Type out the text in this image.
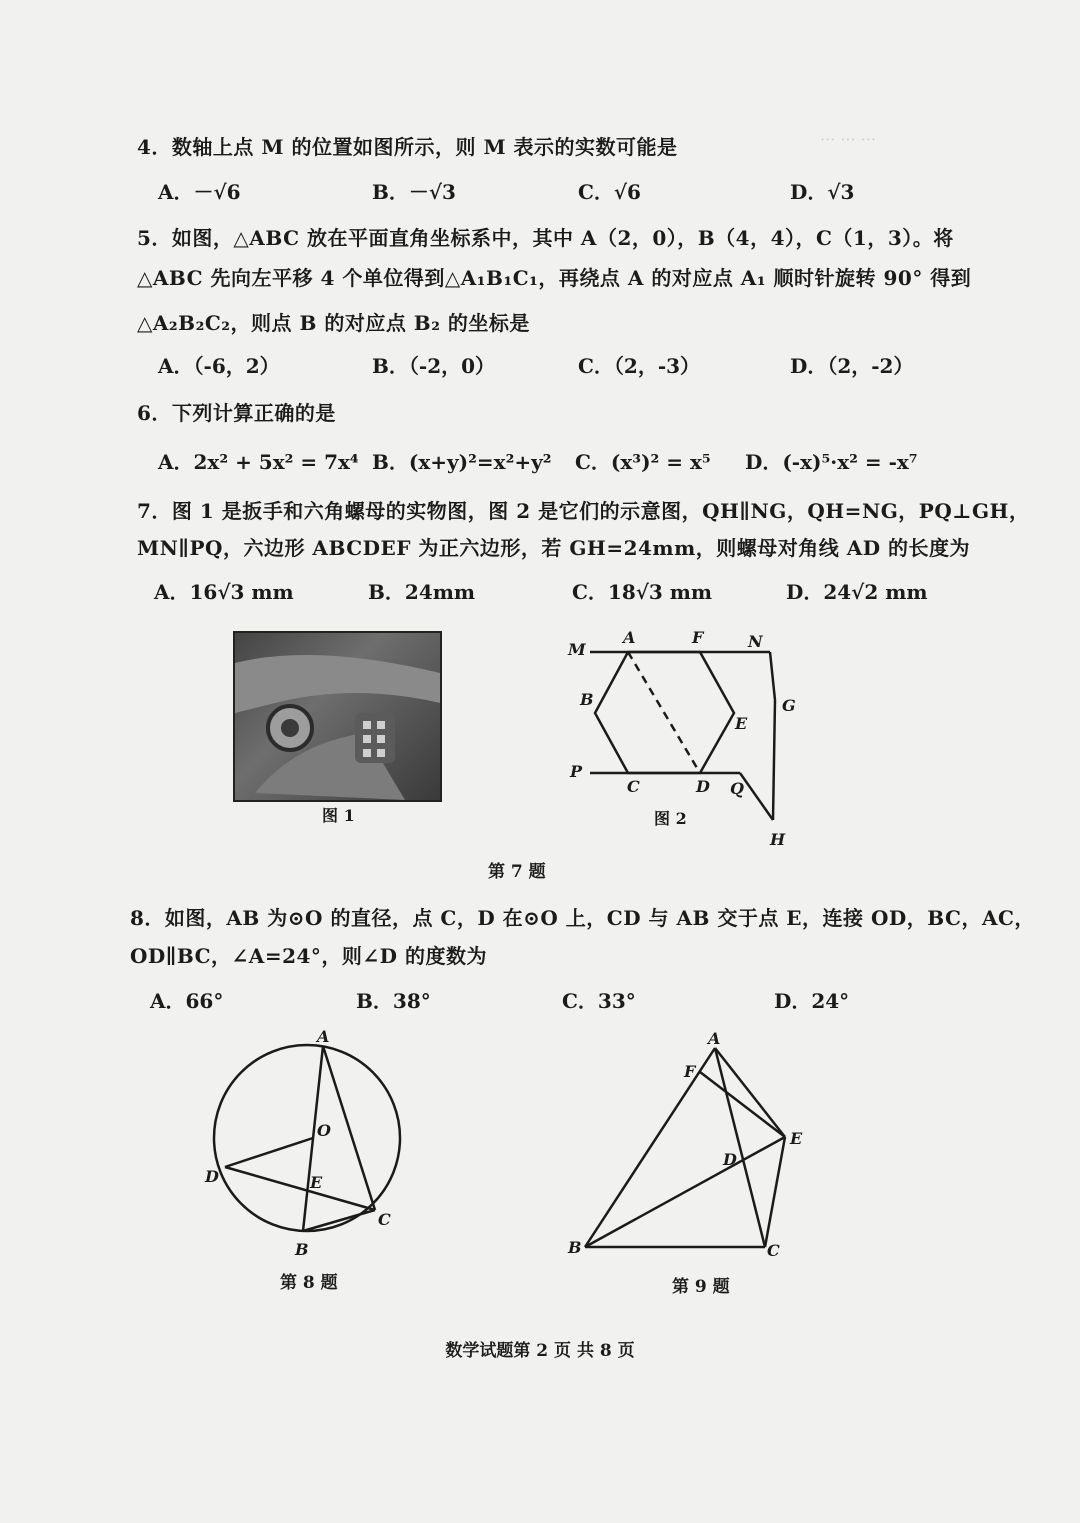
··· ··· ···
4．数轴上点 M 的位置如图所示，则 M 表示的实数可能是
A．－√6	B．－√3	C．√6	D．√3
5．如图，△ABC 放在平面直角坐标系中，其中 A（2，0），B（4，4），C（1，3）。将
△ABC 先向左平移 4 个单位得到△A₁B₁C₁，再绕点 A 的对应点 A₁ 顺时针旋转 90° 得到
△A₂B₂C₂，则点 B 的对应点 B₂ 的坐标是
A．（-6，2）	B．（-2，0）	C．（2，-3）	D．（2，-2）
6．下列计算正确的是
A．2x² + 5x² = 7x⁴ B．(x+y)²=x²+y² C．(x³)² = x⁵ D．(-x)⁵·x² = -x⁷
7．图 1 是扳手和六角螺母的实物图，图 2 是它们的示意图，QH∥NG，QH=NG，PQ⊥GH，
MN∥PQ，六边形 ABCDEF 为正六边形，若 GH=24mm，则螺母对角线 AD 的长度为
A．16√3 mm	B．24mm	C．18√3 mm	D．24√2 mm
图 1
M
A	F	N
B
E
G
P
C	D Q
H
图 2
第 7 题
8．如图，AB 为⊙O 的直径，点 C，D 在⊙O 上，CD 与 AB 交于点 E，连接 OD，BC，AC，
OD∥BC，∠A=24°，则∠D 的度数为
A．66°	B．38°	C．33°	D．24°
A
O
D	E
C
B
第 8 题
A
F
E
D
B	C
第 9 题
数学试题第 2 页 共 8 页
